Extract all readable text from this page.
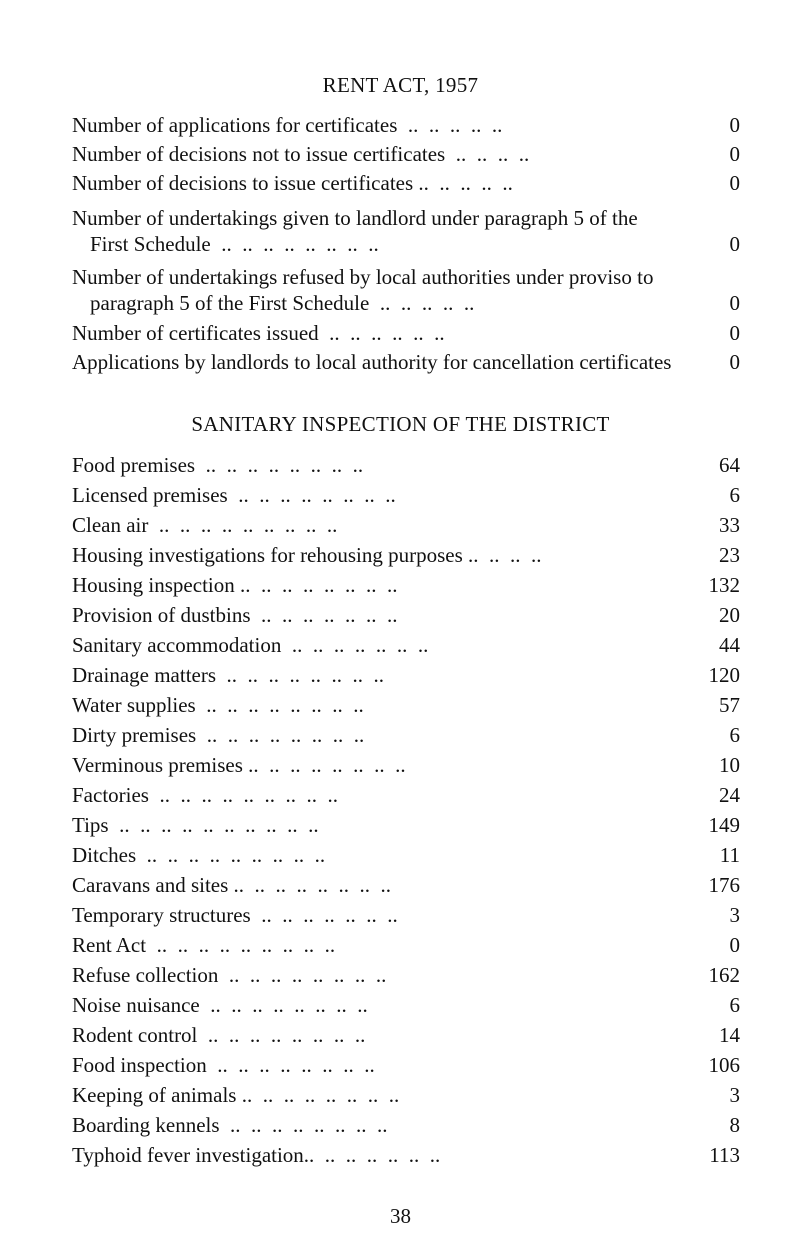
RENT ACT, 1957
Number of applications for certificates  ..  ..  ..  ..  ..	0
Number of decisions not to issue certificates  ..  ..  ..  ..	0
Number of decisions to issue certificates ..  ..  ..  ..  ..	0
Number of undertakings given to landlord under paragraph 5 of the First Schedule  ..  ..  ..  ..  ..  ..  ..  ..	0
Number of undertakings refused by local authorities under proviso to paragraph 5 of the First Schedule  ..  ..  ..  ..  ..	0
Number of certificates issued  ..  ..  ..  ..  ..  ..	0
Applications by landlords to local authority for cancellation certificates	0
SANITARY INSPECTION OF THE DISTRICT
Food premises  ..  ..  ..  ..  ..  ..  ..  ..	64
Licensed premises  ..  ..  ..  ..  ..  ..  ..  ..	6
Clean air  ..  ..  ..  ..  ..  ..  ..  ..  ..	33
Housing investigations for rehousing purposes ..  ..  ..  ..	23
Housing inspection ..  ..  ..  ..  ..  ..  ..  ..	132
Provision of dustbins  ..  ..  ..  ..  ..  ..  ..	20
Sanitary accommodation  ..  ..  ..  ..  ..  ..  ..	44
Drainage matters  ..  ..  ..  ..  ..  ..  ..  ..	120
Water supplies  ..  ..  ..  ..  ..  ..  ..  ..	57
Dirty premises  ..  ..  ..  ..  ..  ..  ..  ..	6
Verminous premises ..  ..  ..  ..  ..  ..  ..  ..	10
Factories  ..  ..  ..  ..  ..  ..  ..  ..  ..	24
Tips  ..  ..  ..  ..  ..  ..  ..  ..  ..  ..	149
Ditches  ..  ..  ..  ..  ..  ..  ..  ..  ..	11
Caravans and sites ..  ..  ..  ..  ..  ..  ..  ..	176
Temporary structures  ..  ..  ..  ..  ..  ..  ..	3
Rent Act  ..  ..  ..  ..  ..  ..  ..  ..  ..	0
Refuse collection  ..  ..  ..  ..  ..  ..  ..  ..	162
Noise nuisance  ..  ..  ..  ..  ..  ..  ..  ..	6
Rodent control  ..  ..  ..  ..  ..  ..  ..  ..	14
Food inspection  ..  ..  ..  ..  ..  ..  ..  ..	106
Keeping of animals ..  ..  ..  ..  ..  ..  ..  ..	3
Boarding kennels  ..  ..  ..  ..  ..  ..  ..  ..	8
Typhoid fever investigation..  ..  ..  ..  ..  ..  ..	113
38
